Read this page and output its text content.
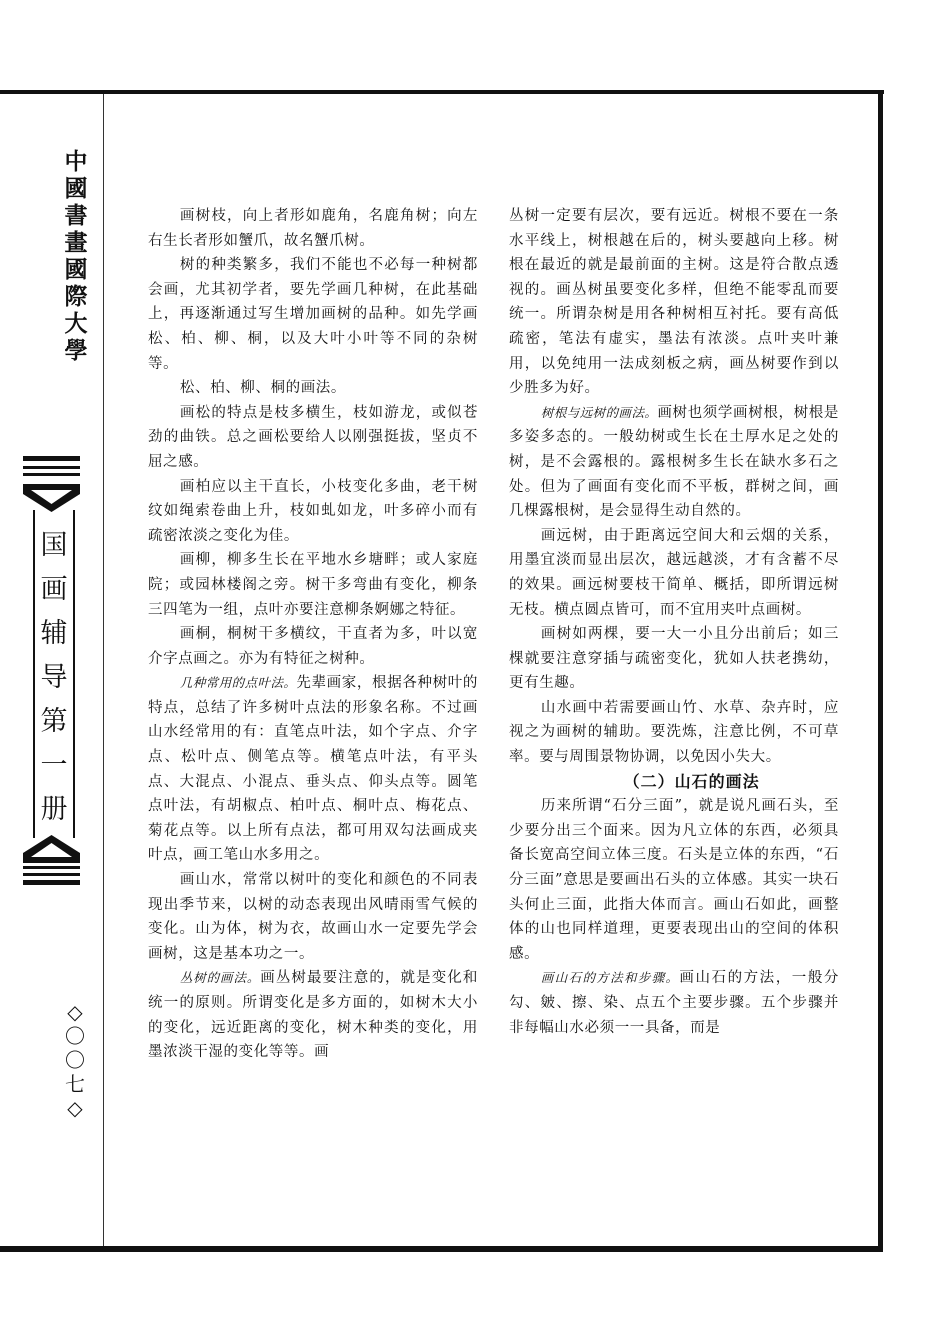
中
國
書
畫
國
際
大
學
国
画
辅
导
第
一
册
◇
〇
〇
七
◇

画树枝，向上者形如鹿角，名鹿角树；向左右生长者形如蟹爪，故名蟹爪树。

树的种类繁多，我们不能也不必每一种树都会画，尤其初学者，要先学画几种树，在此基础上，再逐渐通过写生增加画树的品种。如先学画松、柏、柳、桐，以及大叶小叶等不同的杂树等。

松、柏、柳、桐的画法。

画松的特点是枝多横生，枝如游龙，或似苍劲的曲铁。总之画松要给人以刚强挺拔，坚贞不屈之感。

画柏应以主干直长，小枝变化多曲，老干树纹如绳索卷曲上升，枝如虬如龙，叶多碎小而有疏密浓淡之变化为佳。

画柳，柳多生长在平地水乡塘畔；或人家庭院；或园林楼阁之旁。树干多弯曲有变化，柳条三四笔为一组，点叶亦要注意柳条婀娜之特征。

画桐，桐树干多横纹，干直者为多，叶以宽介字点画之。亦为有特征之树种。

几种常用的点叶法。先辈画家，根据各种树叶的特点，总结了许多树叶点法的形象名称。不过画山水经常用的有：直笔点叶法，如个字点、介字点、松叶点、侧笔点等。横笔点叶法，有平头点、大混点、小混点、垂头点、仰头点等。圆笔点叶法，有胡椒点、柏叶点、桐叶点、梅花点、菊花点等。以上所有点法，都可用双勾法画成夹叶点，画工笔山水多用之。

画山水，常常以树叶的变化和颜色的不同表现出季节来，以树的动态表现出风晴雨雪气候的变化。山为体，树为衣，故画山水一定要先学会画树，这是基本功之一。

丛树的画法。画丛树最要注意的，就是变化和统一的原则。所谓变化是多方面的，如树木大小的变化，远近距离的变化，树木种类的变化，用墨浓淡干湿的变化等等。画

丛树一定要有层次，要有远近。树根不要在一条水平线上，树根越在后的，树头要越向上移。树根在最近的就是最前面的主树。这是符合散点透视的。画丛树虽要变化多样，但绝不能零乱而要统一。所谓杂树是用各种树相互衬托。要有高低疏密，笔法有虚实，墨法有浓淡。点叶夹叶兼用，以免纯用一法成刻板之病，画丛树要作到以少胜多为好。

树根与远树的画法。画树也须学画树根，树根是多姿多态的。一般幼树或生长在土厚水足之处的树，是不会露根的。露根树多生长在缺水多石之处。但为了画面有变化而不平板，群树之间，画几棵露根树，是会显得生动自然的。

画远树，由于距离远空间大和云烟的关系，用墨宜淡而显出层次，越远越淡，才有含蓄不尽的效果。画远树要枝干简单、概括，即所谓远树无枝。横点圆点皆可，而不宜用夹叶点画树。

画树如两棵，要一大一小且分出前后；如三棵就要注意穿插与疏密变化，犹如人扶老携幼，更有生趣。

山水画中若需要画山竹、水草、杂卉时，应视之为画树的辅助。要洗炼，注意比例，不可草率。要与周围景物协调，以免因小失大。

（二）山石的画法

历来所谓“石分三面”，就是说凡画石头，至少要分出三个面来。因为凡立体的东西，必须具备长宽高空间立体三度。石头是立体的东西，“石分三面”意思是要画出石头的立体感。其实一块石头何止三面，此指大体而言。画山石如此，画整体的山也同样道理，更要表现出山的空间的体积感。

画山石的方法和步骤。画山石的方法，一般分勾、皴、擦、染、点五个主要步骤。五个步骤并非每幅山水必须一一具备，而是
